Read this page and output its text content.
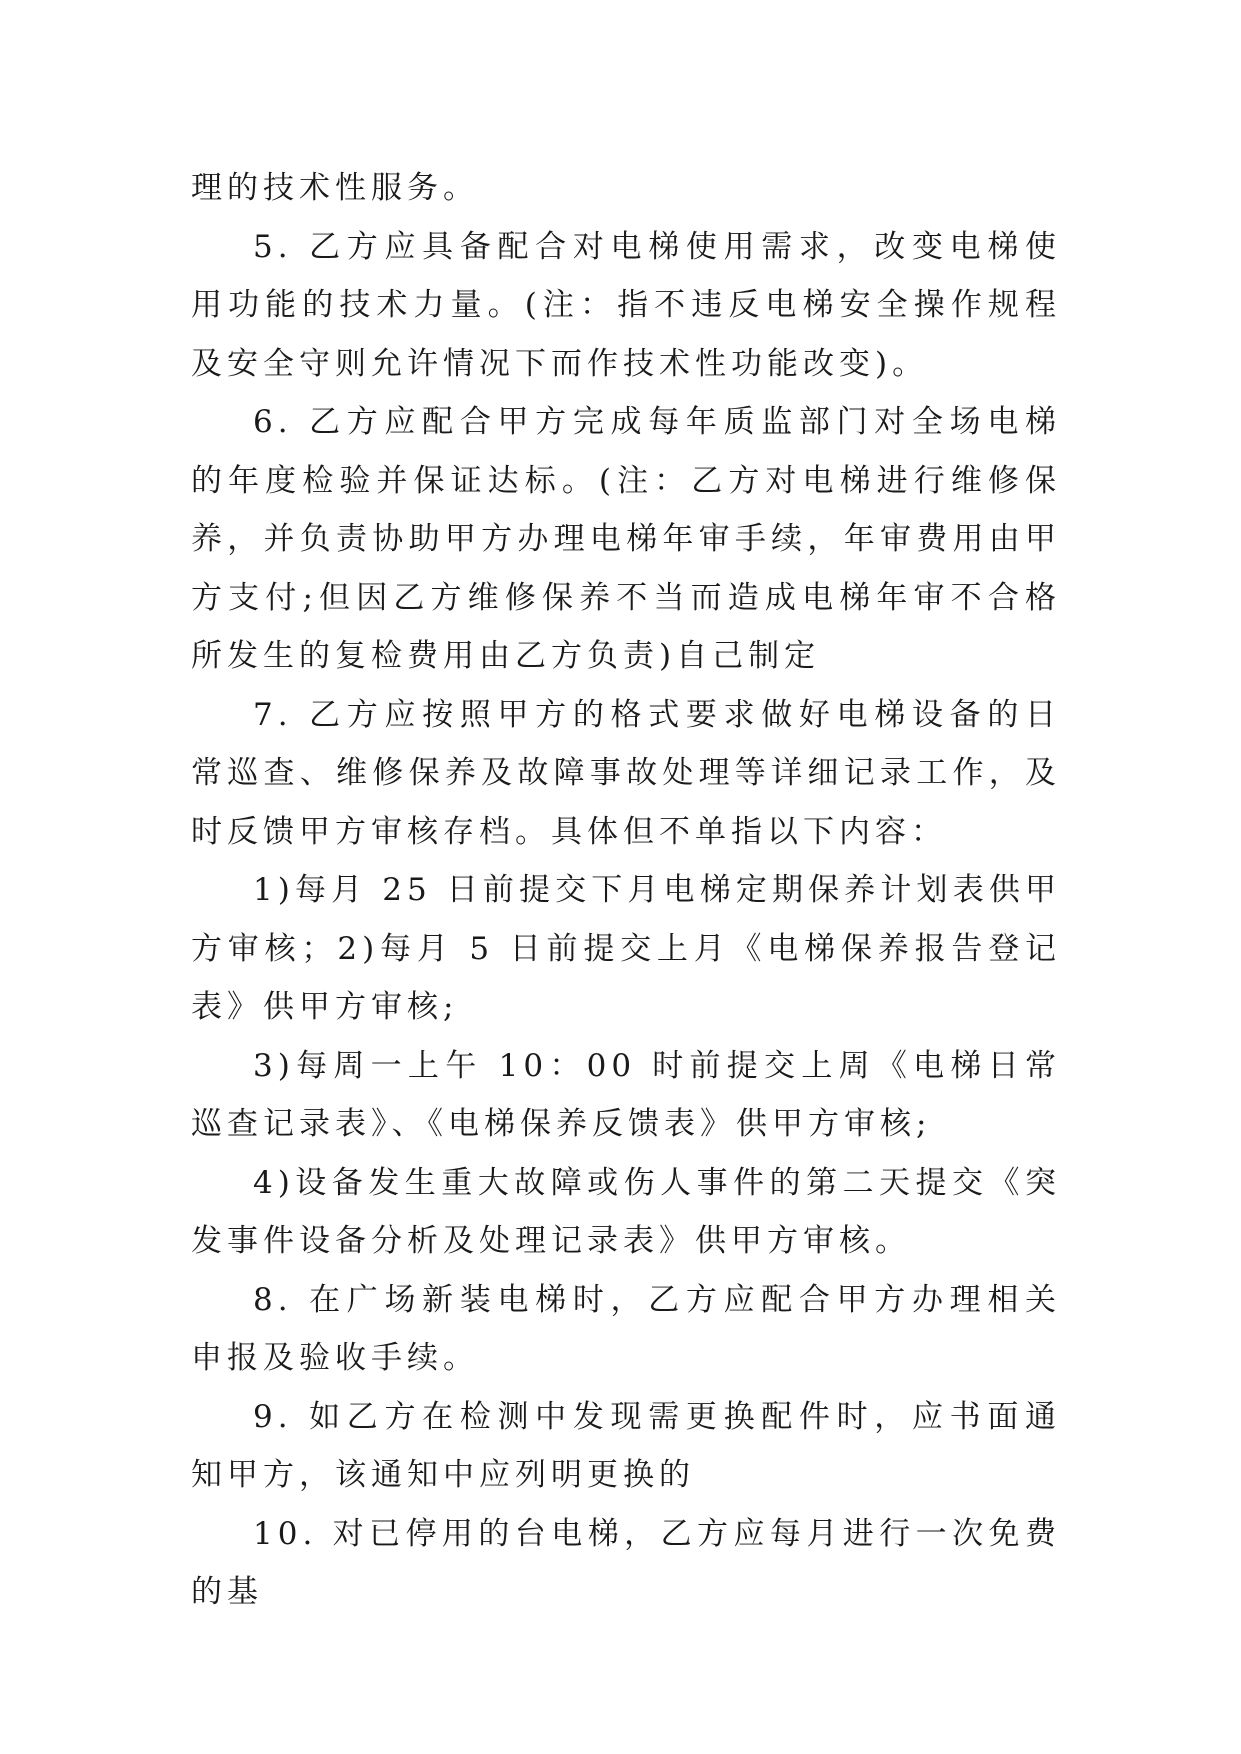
理的技术性服务。

5. 乙方应具备配合对电梯使用需求，改变电梯使用功能的技术力量。(注：指不违反电梯安全操作规程及安全守则允许情况下而作技术性功能改变)。

6. 乙方应配合甲方完成每年质监部门对全场电梯的年度检验并保证达标。(注：乙方对电梯进行维修保养，并负责协助甲方办理电梯年审手续，年审费用由甲方支付;但因乙方维修保养不当而造成电梯年审不合格所发生的复检费用由乙方负责)自己制定

7. 乙方应按照甲方的格式要求做好电梯设备的日常巡查、维修保养及故障事故处理等详细记录工作，及时反馈甲方审核存档。具体但不单指以下内容：

1)每月 25 日前提交下月电梯定期保养计划表供甲方审核；2)每月 5 日前提交上月《电梯保养报告登记表》供甲方审核;

3)每周一上午 10：00 时前提交上周《电梯日常巡查记录表》、《电梯保养反馈表》供甲方审核;

4)设备发生重大故障或伤人事件的第二天提交《突发事件设备分析及处理记录表》供甲方审核。

8. 在广场新装电梯时，乙方应配合甲方办理相关申报及验收手续。

9. 如乙方在检测中发现需更换配件时，应书面通知甲方，该通知中应列明更换的

10. 对已停用的台电梯，乙方应每月进行一次免费的基
